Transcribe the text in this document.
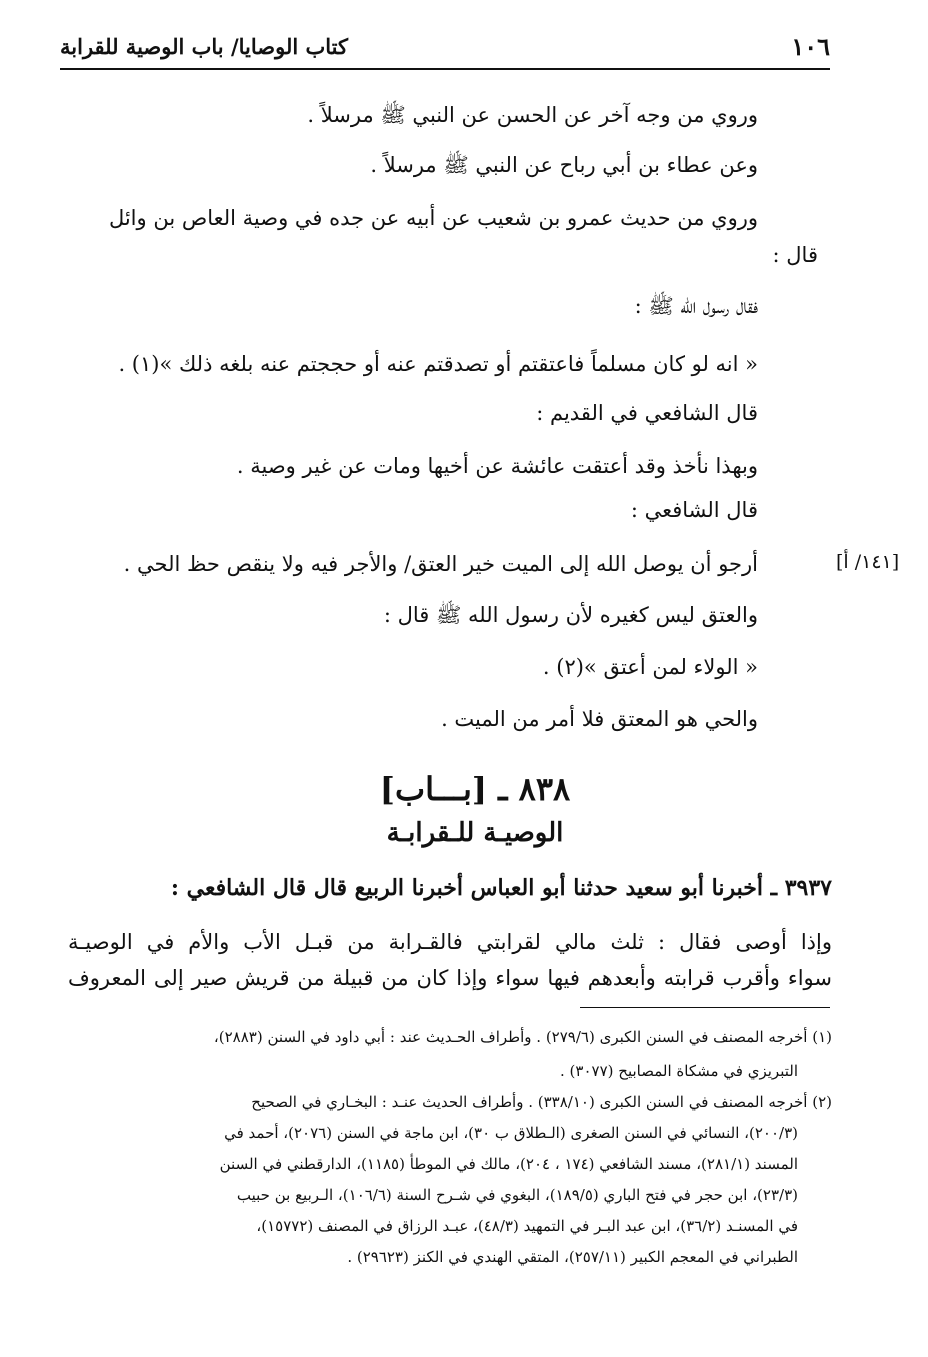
١٠٦
كتاب الوصايا/ باب الوصية للقرابة
وروي من وجه آخر عن الحسن عن النبي ﷺ مرسلاً .
وعن عطاء بن أبي رباح عن النبي ﷺ مرسلاً .
وروي من حديث عمرو بن شعيب عن أبيه عن جده في وصية العاص بن وائل
قال :
فقال رسول الله ﷺ :
« انه لو كان مسلماً فاعتقتم أو تصدقتم عنه أو حججتم عنه بلغه ذلك »(١) .
قال الشافعي في القديم :
وبهذا نأخذ وقد أعتقت عائشة عن أخيها ومات عن غير وصية .
قال الشافعي :
أرجو أن يوصل الله إلى الميت خير العتق/ والأجر فيه ولا ينقص حظ الحي .	[١٤١/ أ]
والعتق ليس كغيره لأن رسول الله ﷺ قال :
« الولاء لمن أعتق »(٢) .
والحي هو المعتق فلا أمر من الميت .
٨٣٨ ـ [بـــاب]
الوصيـة للـقرابـة
٣٩٣٧ ـ أخبرنا أبو سعيد حدثنا أبو العباس أخبرنا الربيع قال قال الشافعي :
وإذا أوصى فقال : ثلث مالي لقرابتي فالقـرابة من قبـل الأب والأم في الوصيـة
سواء وأقرب قرابته وأبعدهم فيها سواء وإذا كان من قبيلة من قريش صير إلى المعروف
(١) أخرجه المصنف في السنن الكبرى (٢٧٩/٦) . وأطراف الحـديث عند : أبي داود في السنن (٢٨٨٣)،
التبريزي في مشكاة المصابيح (٣٠٧٧) .
(٢) أخرجه المصنف في السنن الكبرى (٣٣٨/١٠) . وأطراف الحديث عنـد : البخـاري في الصحيح
(٢٠٠/٣)، النسائي في السنن الصغرى (الـطلاق ب ٣٠)، ابن ماجة في السنن (٢٠٧٦)، أحمد في
المسند (٢٨١/١)، مسند الشافعي (١٧٤ ، ٢٠٤)، مالك في الموطأ (١١٨٥)، الدارقطني في السنن
(٢٣/٣)، ابن حجر في فتح الباري (١٨٩/٥)، البغوي في شـرح السنة (١٠٦/٦)، الـربيع بن حبيب
في المسنـد (٣٦/٢)، ابن عبد البـر في التمهيد (٤٨/٣)، عبـد الرزاق في المصنف (١٥٧٧٢)،
الطبراني في المعجم الكبير (٢٥٧/١١)، المتقي الهندي في الكنز (٢٩٦٢٣) .
